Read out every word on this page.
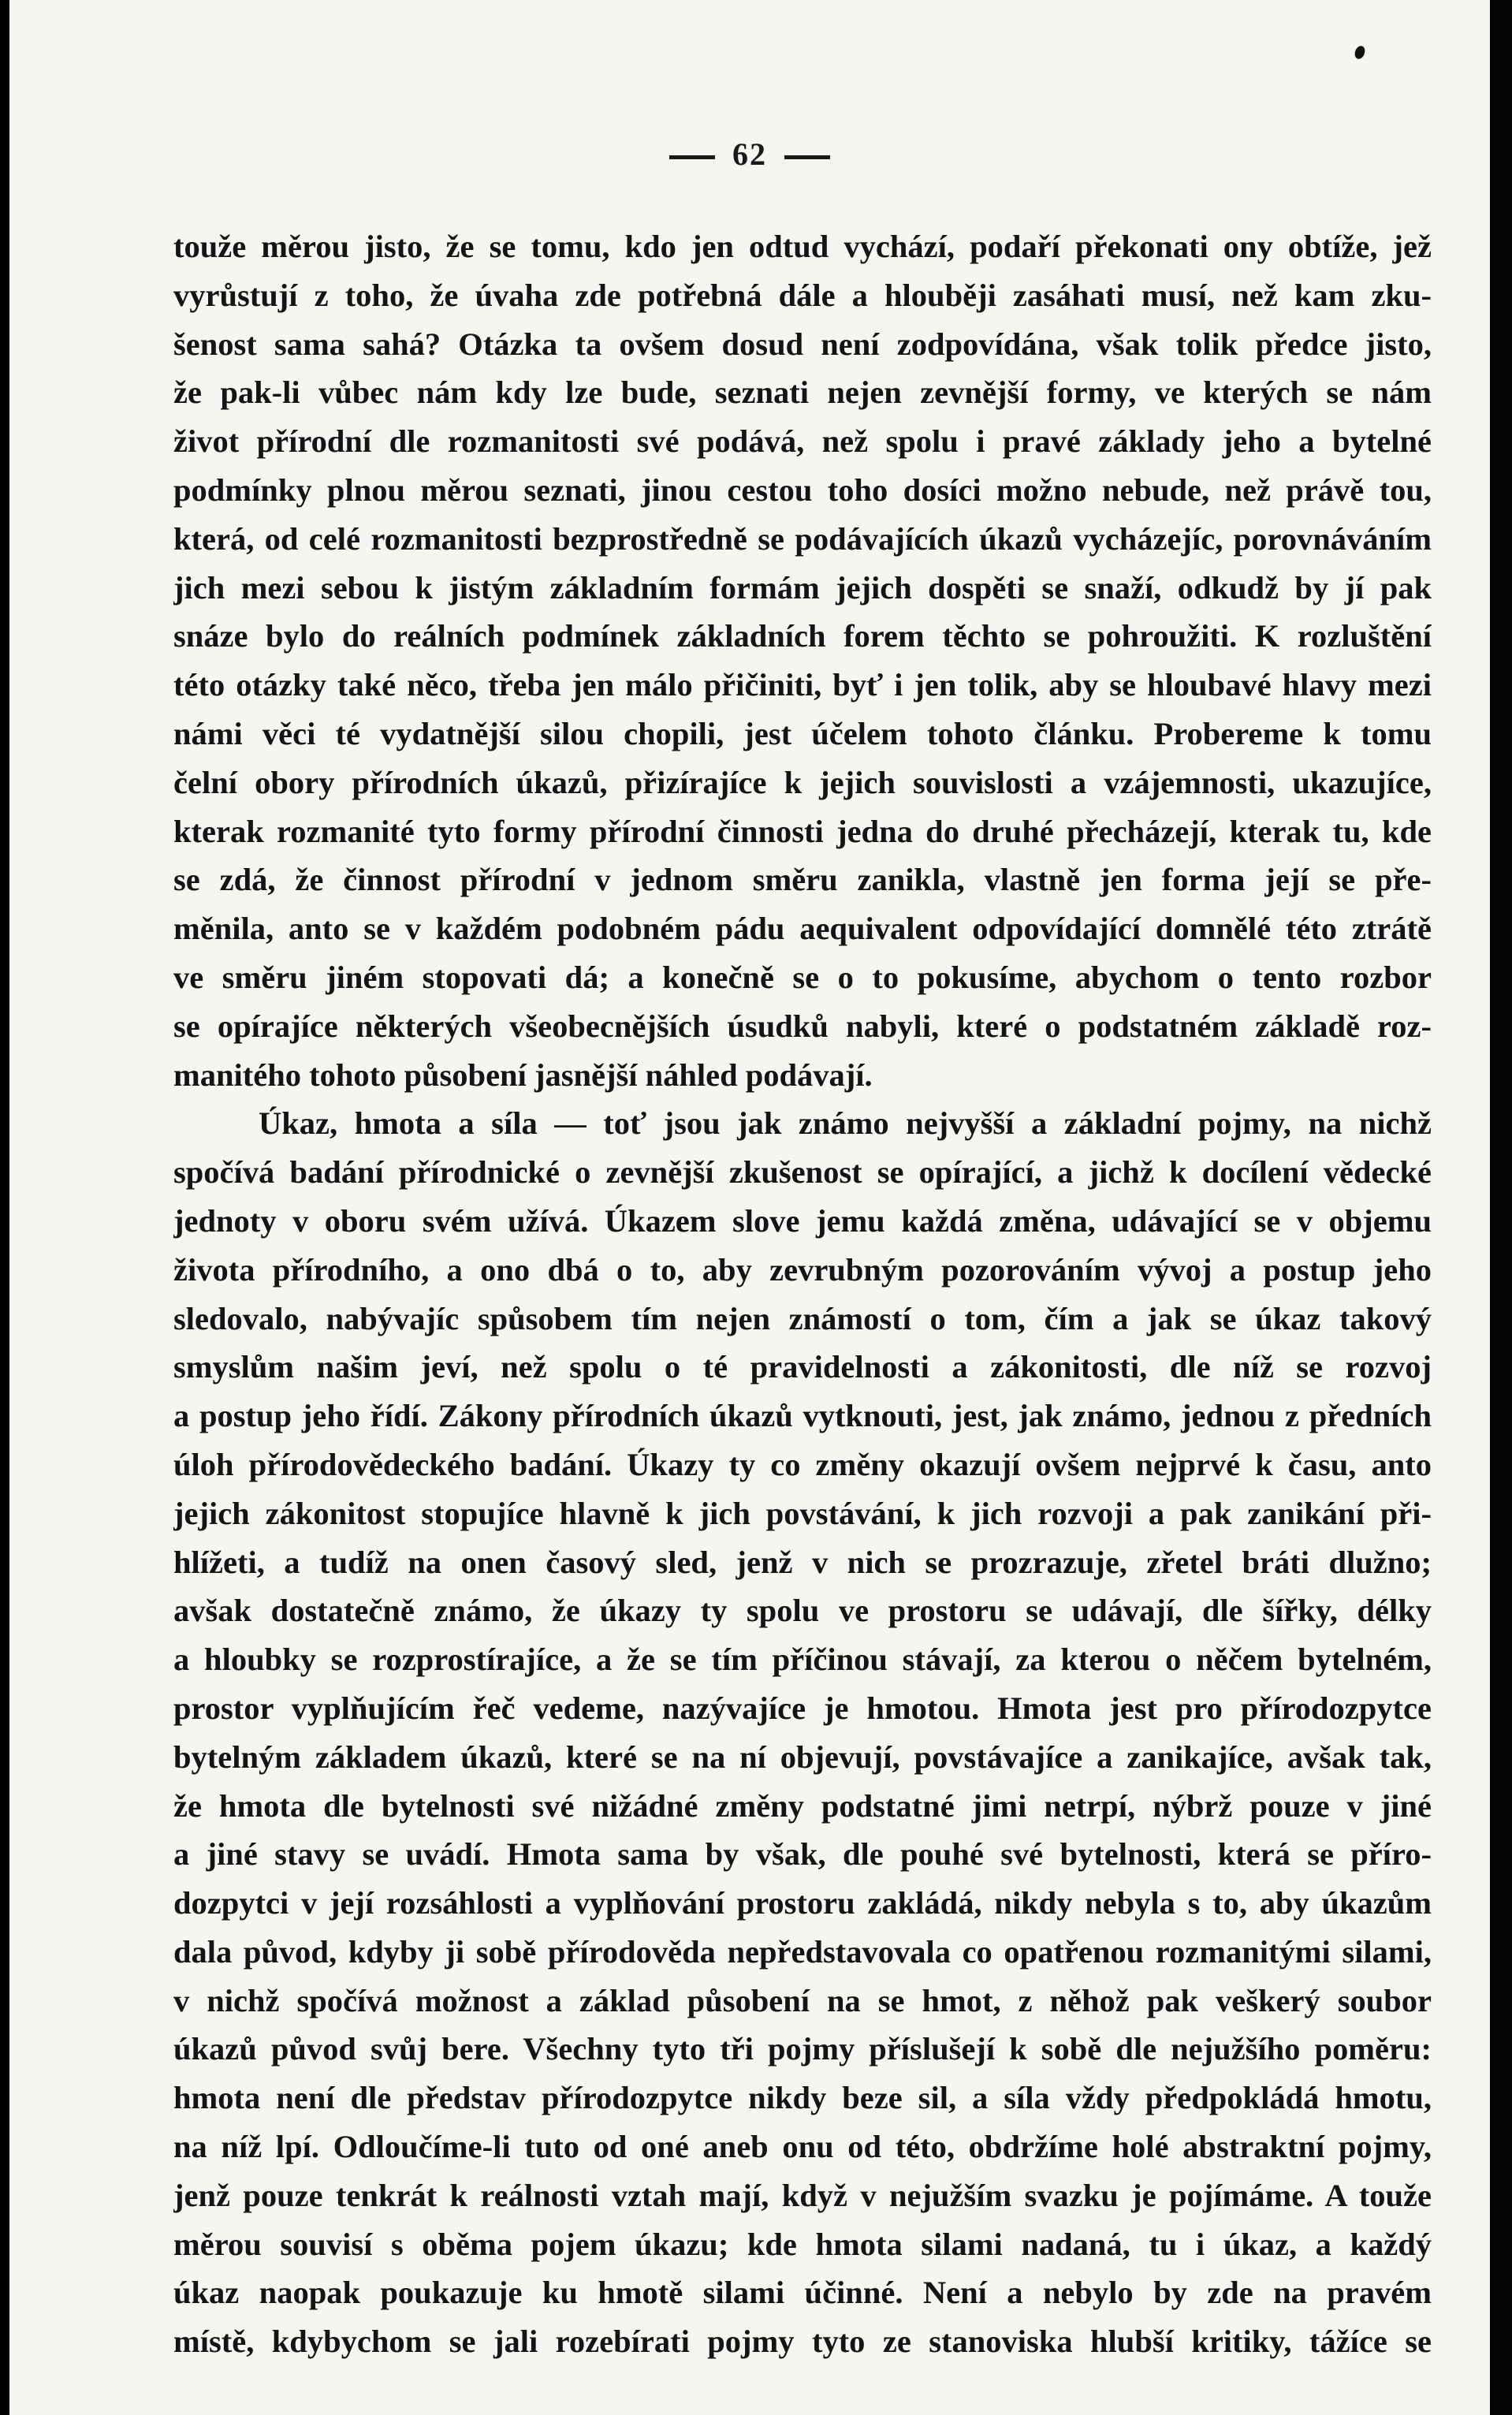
62
touže měrou jisto, že se tomu, kdo jen odtud vychází, podaří překonati ony obtíže, jež
vyrůstují z toho, že úvaha zde potřebná dále a hlouběji zasáhati musí, než kam zku-
šenost sama sahá? Otázka ta ovšem dosud není zodpovídána, však tolik předce jisto,
že pak-li vůbec nám kdy lze bude, seznati nejen zevnější formy, ve kterých se nám
život přírodní dle rozmanitosti své podává, než spolu i pravé základy jeho a bytelné
podmínky plnou měrou seznati, jinou cestou toho dosíci možno nebude, než právě tou,
která, od celé rozmanitosti bezprostředně se podávajících úkazů vycházejíc, porovnáváním
jich mezi sebou k jistým základním formám jejich dospěti se snaží, odkudž by jí pak
snáze bylo do reálních podmínek základních forem těchto se pohroužiti. K rozluštění
této otázky také něco, třeba jen málo přičiniti, byť i jen tolik, aby se hloubavé hlavy mezi
námi věci té vydatnější silou chopili, jest účelem tohoto článku. Probereme k tomu
čelní obory přírodních úkazů, přizírajíce k jejich souvislosti a vzájemnosti, ukazujíce,
kterak rozmanité tyto formy přírodní činnosti jedna do druhé přecházejí, kterak tu, kde
se zdá, že činnost přírodní v jednom směru zanikla, vlastně jen forma její se pře-
měnila, anto se v každém podobném pádu aequivalent odpovídající domnělé této ztrátě
ve směru jiném stopovati dá; a konečně se o to pokusíme, abychom o tento rozbor
se opírajíce některých všeobecnějších úsudků nabyli, které o podstatném základě roz-
manitého tohoto působení jasnější náhled podávají.
Úkaz, hmota a síla — toť jsou jak známo nejvyšší a základní pojmy, na nichž
spočívá badání přírodnické o zevnější zkušenost se opírající, a jichž k docílení vědecké
jednoty v oboru svém užívá. Úkazem slove jemu každá změna, udávající se v objemu
života přírodního, a ono dbá o to, aby zevrubným pozorováním vývoj a postup jeho
sledovalo, nabývajíc spůsobem tím nejen známostí o tom, čím a jak se úkaz takový
smyslům našim jeví, než spolu o té pravidelnosti a zákonitosti, dle níž se rozvoj
a postup jeho řídí. Zákony přírodních úkazů vytknouti, jest, jak známo, jednou z předních
úloh přírodovědeckého badání. Úkazy ty co změny okazují ovšem nejprvé k času, anto
jejich zákonitost stopujíce hlavně k jich povstávání, k jich rozvoji a pak zanikání při-
hlížeti, a tudíž na onen časový sled, jenž v nich se prozrazuje, zřetel bráti dlužno;
avšak dostatečně známo, že úkazy ty spolu ve prostoru se udávají, dle šířky, délky
a hloubky se rozprostírajíce, a že se tím příčinou stávají, za kterou o něčem bytelném,
prostor vyplňujícím řeč vedeme, nazývajíce je hmotou. Hmota jest pro přírodozpytce
bytelným základem úkazů, které se na ní objevují, povstávajíce a zanikajíce, avšak tak,
že hmota dle bytelnosti své nižádné změny podstatné jimi netrpí, nýbrž pouze v jiné
a jiné stavy se uvádí. Hmota sama by však, dle pouhé své bytelnosti, která se příro-
dozpytci v její rozsáhlosti a vyplňování prostoru zakládá, nikdy nebyla s to, aby úkazům
dala původ, kdyby ji sobě přírodověda nepředstavovala co opatřenou rozmanitými silami,
v nichž spočívá možnost a základ působení na se hmot, z něhož pak veškerý soubor
úkazů původ svůj bere. Všechny tyto tři pojmy příslušejí k sobě dle nejužšího poměru:
hmota není dle představ přírodozpytce nikdy beze sil, a síla vždy předpokládá hmotu,
na níž lpí. Odloučíme-li tuto od oné aneb onu od této, obdržíme holé abstraktní pojmy,
jenž pouze tenkrát k reálnosti vztah mají, když v nejužším svazku je pojímáme. A touže
měrou souvisí s oběma pojem úkazu; kde hmota silami nadaná, tu i úkaz, a každý
úkaz naopak poukazuje ku hmotě silami účinné. Není a nebylo by zde na pravém
místě, kdybychom se jali rozebírati pojmy tyto ze stanoviska hlubší kritiky, tážíce se
